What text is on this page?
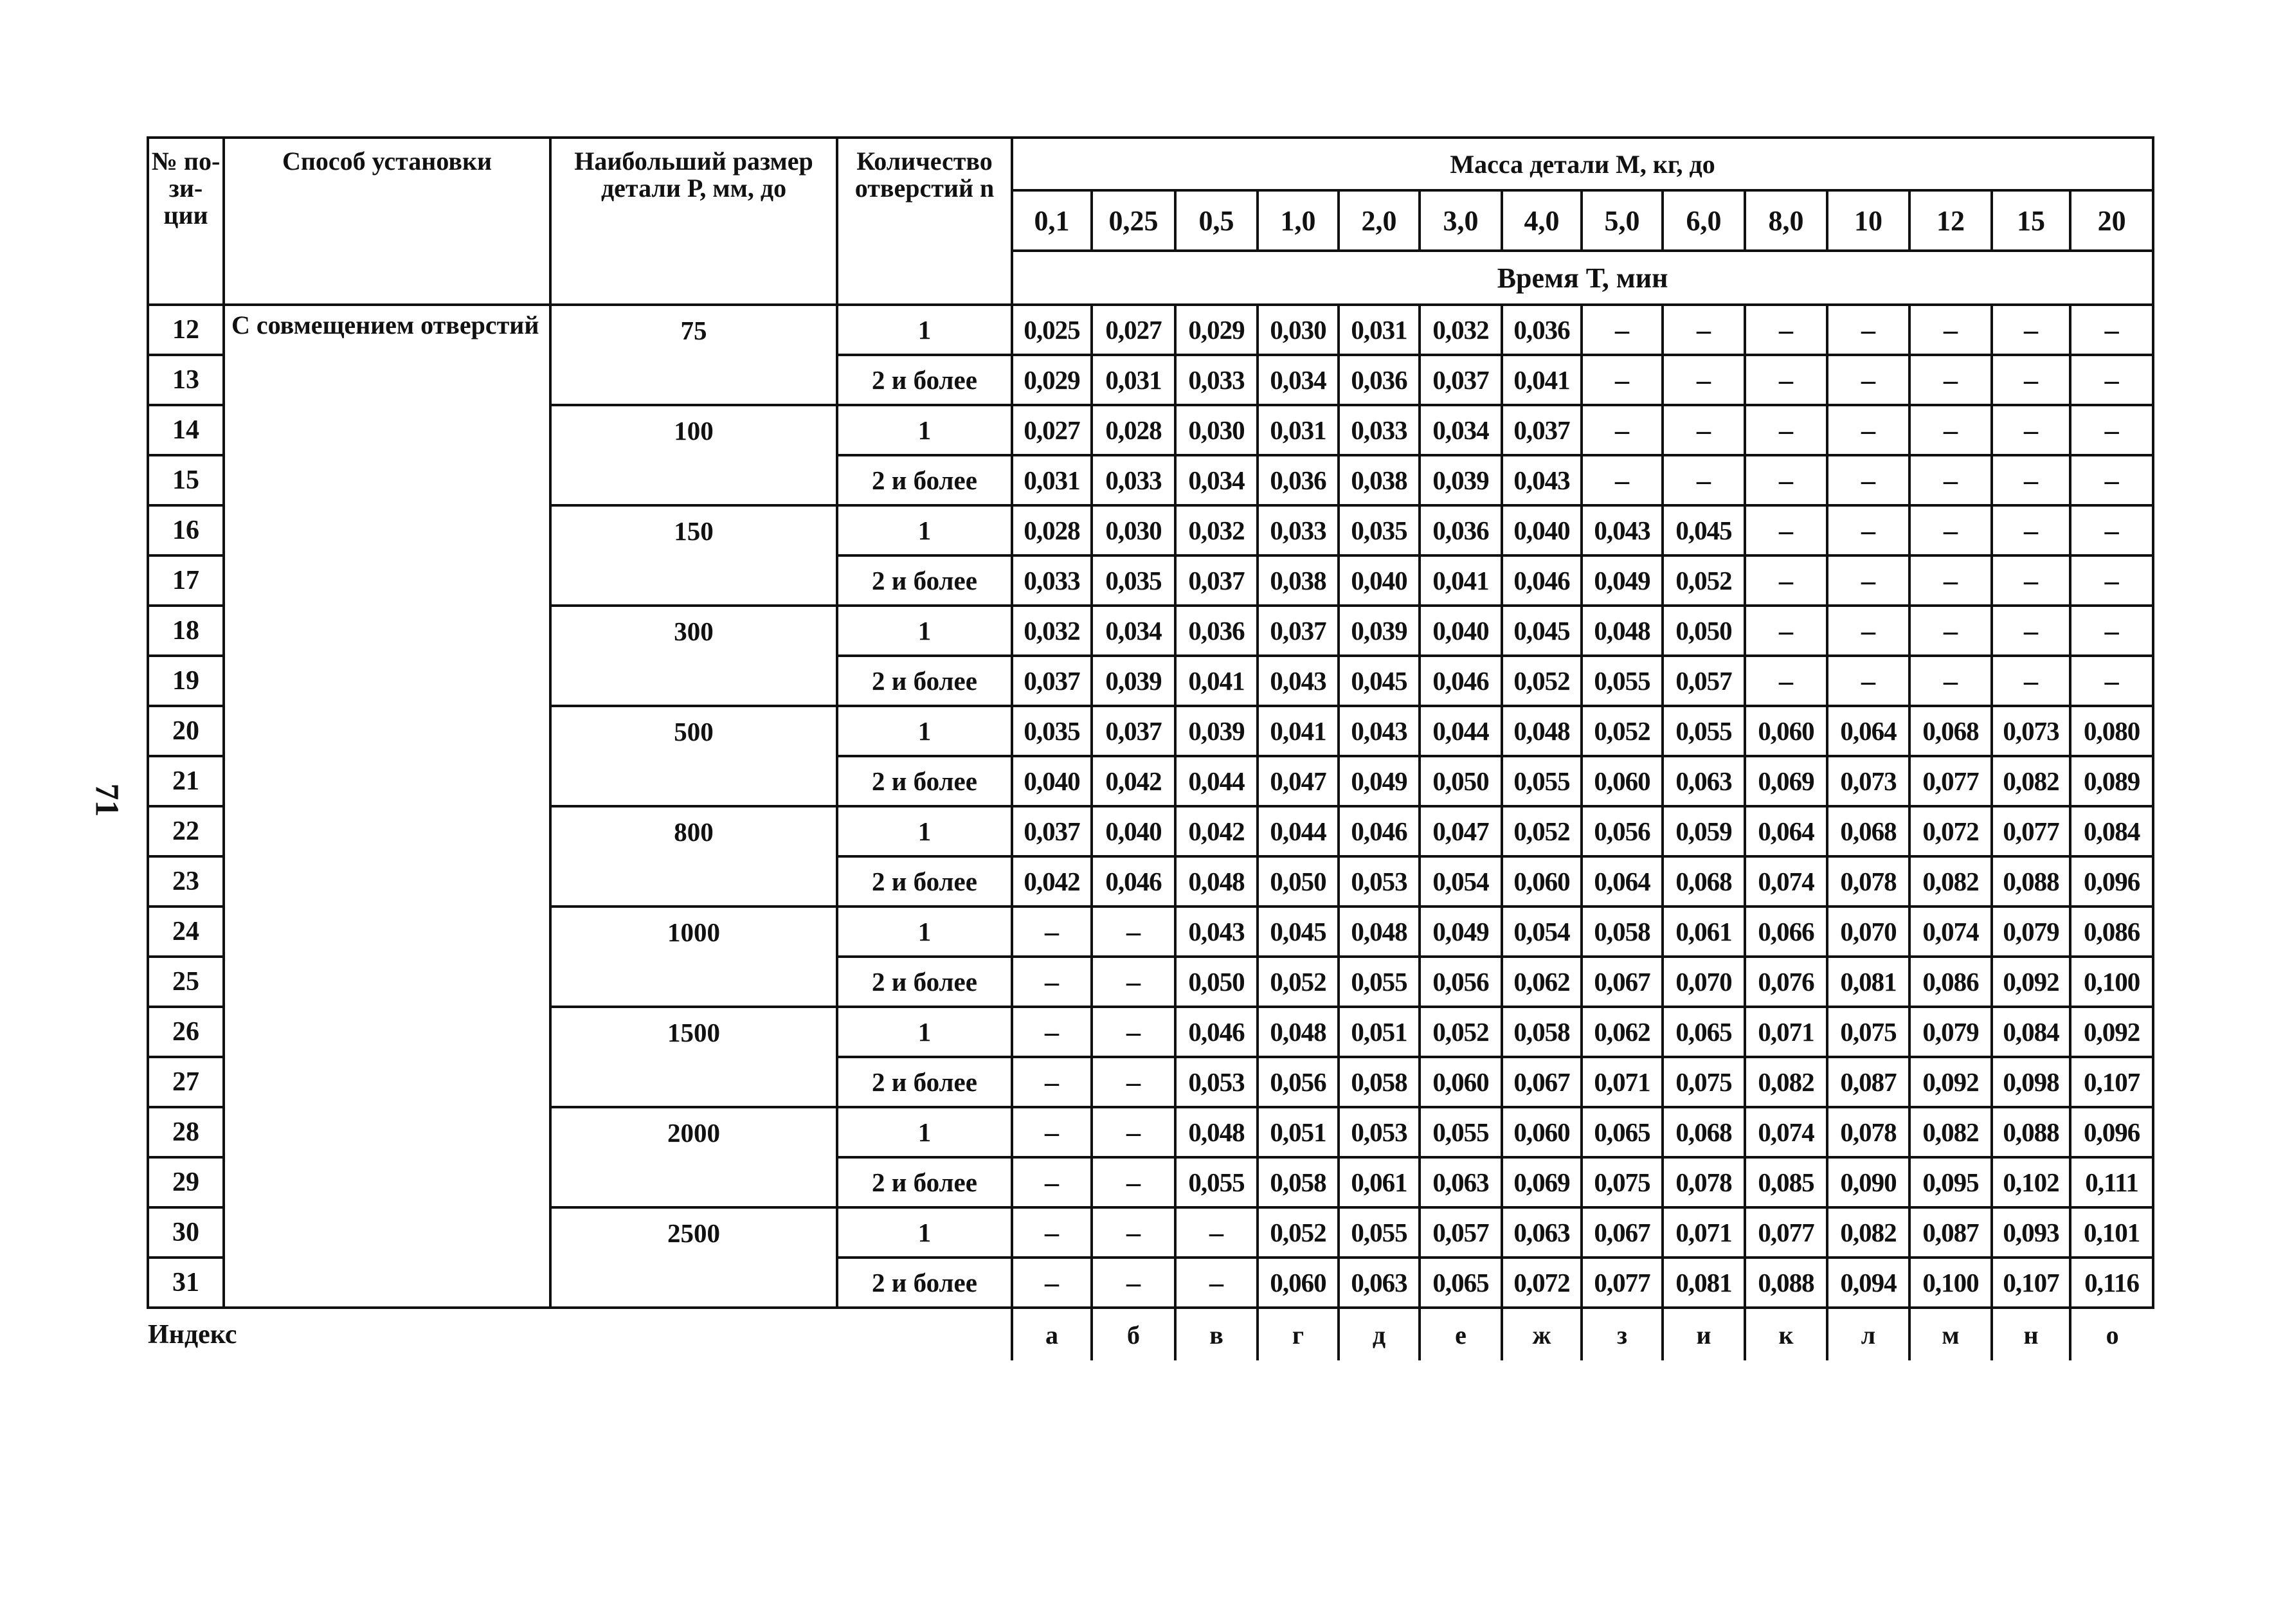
71
№ по-зи-ции	Способ установки	Наибольший размер детали Р, мм, до	Количество отверстий n	Масса детали М, кг, до													
				0,1	0,25	0,5	1,0	2,0	3,0	4,0	5,0	6,0	8,0	10	12	15	20
				Время Т, мин													
12	С совмещением отверстий	75	1	0,025	0,027	0,029	0,030	0,031	0,032	0,036	–	–	–	–	–	–	–
13			2 и более	0,029	0,031	0,033	0,034	0,036	0,037	0,041	–	–	–	–	–	–	–
14		100	1	0,027	0,028	0,030	0,031	0,033	0,034	0,037	–	–	–	–	–	–	–
15			2 и более	0,031	0,033	0,034	0,036	0,038	0,039	0,043	–	–	–	–	–	–	–
16		150	1	0,028	0,030	0,032	0,033	0,035	0,036	0,040	0,043	0,045	–	–	–	–	–
17			2 и более	0,033	0,035	0,037	0,038	0,040	0,041	0,046	0,049	0,052	–	–	–	–	–
18		300	1	0,032	0,034	0,036	0,037	0,039	0,040	0,045	0,048	0,050	–	–	–	–	–
19			2 и более	0,037	0,039	0,041	0,043	0,045	0,046	0,052	0,055	0,057	–	–	–	–	–
20		500	1	0,035	0,037	0,039	0,041	0,043	0,044	0,048	0,052	0,055	0,060	0,064	0,068	0,073	0,080
21			2 и более	0,040	0,042	0,044	0,047	0,049	0,050	0,055	0,060	0,063	0,069	0,073	0,077	0,082	0,089
22		800	1	0,037	0,040	0,042	0,044	0,046	0,047	0,052	0,056	0,059	0,064	0,068	0,072	0,077	0,084
23			2 и более	0,042	0,046	0,048	0,050	0,053	0,054	0,060	0,064	0,068	0,074	0,078	0,082	0,088	0,096
24		1000	1	–	–	0,043	0,045	0,048	0,049	0,054	0,058	0,061	0,066	0,070	0,074	0,079	0,086
25			2 и более	–	–	0,050	0,052	0,055	0,056	0,062	0,067	0,070	0,076	0,081	0,086	0,092	0,100
26		1500	1	–	–	0,046	0,048	0,051	0,052	0,058	0,062	0,065	0,071	0,075	0,079	0,084	0,092
27			2 и более	–	–	0,053	0,056	0,058	0,060	0,067	0,071	0,075	0,082	0,087	0,092	0,098	0,107
28		2000	1	–	–	0,048	0,051	0,053	0,055	0,060	0,065	0,068	0,074	0,078	0,082	0,088	0,096
29			2 и более	–	–	0,055	0,058	0,061	0,063	0,069	0,075	0,078	0,085	0,090	0,095	0,102	0,111
30		2500	1	–	–	–	0,052	0,055	0,057	0,063	0,067	0,071	0,077	0,082	0,087	0,093	0,101
31			2 и более	–	–	–	0,060	0,063	0,065	0,072	0,077	0,081	0,088	0,094	0,100	0,107	0,116
Индекс				а	б	в	г	д	е	ж	з	и	к	л	м	н	о
